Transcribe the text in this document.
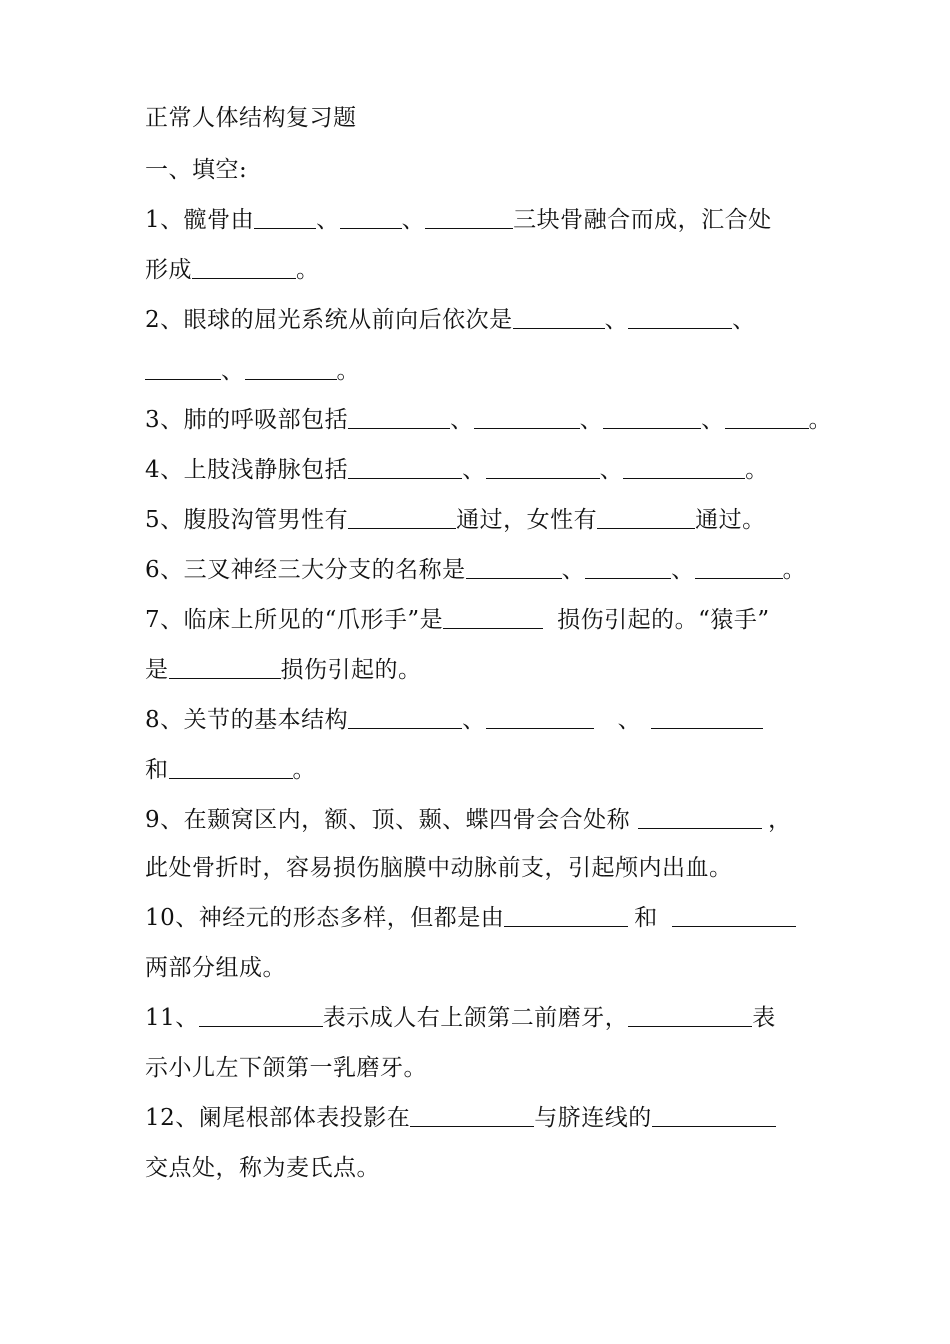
正常人体结构复习题
一、填空:
1、髋骨由	、	、	三块骨融合而成，汇合处
形成	。
2、眼球的屈光系统从前向后依次是	、	、
、	。
3、肺的呼吸部包括	、	、	、	。
4、上肢浅静脉包括	、	、	。
5、腹股沟管男性有	通过，女性有	通过。
6、三叉神经三大分支的名称是	、	、	。
7、临床上所见的“爪形手”是	损伤引起的。“猿手”
是	损伤引起的。
8、关节的基本结构	、	、
和	。
9、在颞窝区内，额、顶、颞、蝶四骨会合处称	，
此处骨折时，容易损伤脑膜中动脉前支，引起颅内出血。
10、神经元的形态多样，但都是由	和
两部分组成。
11、	表示成人右上颌第二前磨牙，	表
示小儿左下颌第一乳磨牙。
12、阑尾根部体表投影在	与脐连线的
交点处，称为麦氏点。
